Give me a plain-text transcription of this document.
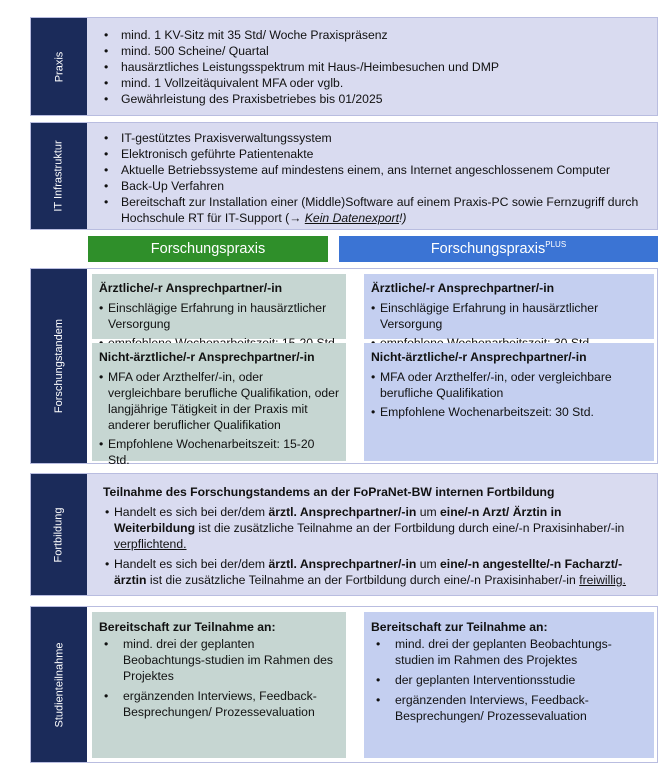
Praxis
• mind. 1 KV-Sitz mit 35 Std/ Woche Praxispräsenz
• mind. 500 Scheine/ Quartal
• hausärztliches Leistungsspektrum mit Haus-/Heimbesuchen und DMP
• mind. 1 Vollzeitäquivalent MFA oder vglb.
• Gewährleistung des Praxisbetriebes bis 01/2025
IT Infrastruktur
• IT-gestütztes Praxisverwaltungssystem
• Elektronisch geführte Patientenakte
• Aktuelle Betriebssysteme auf mindestens einem, ans Internet angeschlossenem Computer
• Back-Up Verfahren
• Bereitschaft zur Installation einer (Middle)Software auf einem Praxis-PC sowie Fernzugriff durch
Hochschule RT für IT-Support (→ Kein Datenexport!)
Forschungspraxis	Forschungspraxis$^{PLUS}$
Forschungstandem
Ärztliche/-r Ansprechpartner/-in

• Einschlägige Erfahrung in hausärztlicher Versorgung

•

Nicht-ärztliche/-r Ansprechpartner/-in

• MFA oder Arzthelfer/-in, oder vergleichbare berufliche Qualifikation, oder langjährige Tätigkeit in der Praxis mit anderer beruflicher Qualifikation

• Empfohlene Wochenarbeitszeit: 15-20 Std.

Ärztliche/-r Ansprechpartner/-in

• Einschlägige Erfahrung in hausärztlicher Versorgung

•

Nicht-ärztliche/-r Ansprechpartner/-in

• MFA oder Arzthelfer/-in, oder vergleichbare berufliche Qualifikation

• Empfohlene Wochenarbeitszeit: 30 Std.

Fortbildung
Teilnahme des Forschungstandems an der FoPraNet-BW internen Fortbildung

• Handelt es sich bei der/dem ärztl. Ansprechpartner/-in um eine/-n Arzt/ Ärztin in Weiterbildung ist die zusätzliche Teilnahme an der Fortbildung durch eine/-n Praxisinhaber/-in verpflichtend.

• Handelt es sich bei der/dem ärztl. Ansprechpartner/-in um eine/-n angestellte/-n Facharzt/-ärztin ist die zusätzliche Teilnahme an der Fortbildung durch eine/-n Praxisinhaber/-in freiwillig.

Studienteilnahme
Bereitschaft zur Teilnahme an:
• mind. drei der geplanten Beobachtungs-studien im Rahmen des Projektes
• ergänzenden Interviews, Feedback-Besprechungen/ Prozessevaluation
Bereitschaft zur Teilnahme an:
• mind. drei der geplanten Beobachtungs-studien im Rahmen des Projektes
• der geplanten Interventionsstudie
• ergänzenden Interviews, Feedback-Besprechungen/ Prozessevaluation
